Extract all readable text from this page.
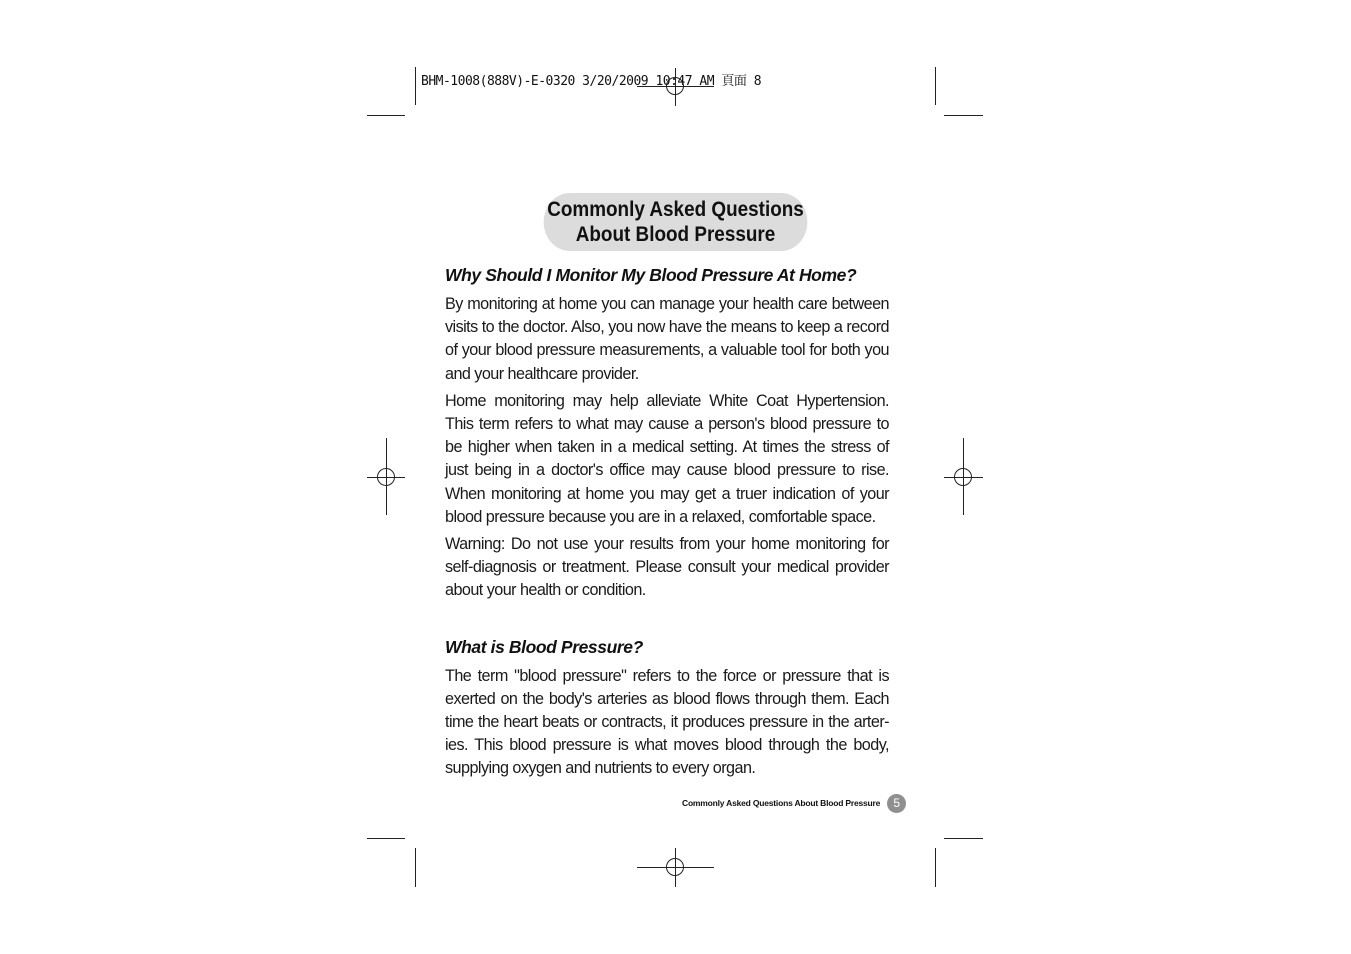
BHM-1008(888V)-E-0320 3/20/2009 10:47 AM 頁面 8
Commonly Asked Questions
About Blood Pressure
Why Should I Monitor My Blood Pressure At Home?

By monitoring at home you can manage your health care between visits to the doctor. Also, you now have the means to keep a record of your blood pressure measurements, a valuable tool for both you and your healthcare provider.

Home monitoring may help alleviate White Coat Hypertension. This term refers to what may cause a person's blood pressure to be higher when taken in a medical setting. At times the stress of just being in a doctor's office may cause blood pressure to rise. When monitoring at home you may get a truer indication of your blood pressure because you are in a relaxed, comfortable space.

Warning: Do not use your results from your home monitoring for self-diagnosis or treatment. Please consult your medical provider about your health or condition.

What is Blood Pressure?

The term "blood pressure" refers to the force or pressure that is exerted on the body's arteries as blood flows through them. Each time the heart beats or contracts, it produces pressure in the arter-ies. This blood pressure is what moves blood through the body, supplying oxygen and nutrients to every organ.

Commonly Asked Questions About Blood Pressure	5
